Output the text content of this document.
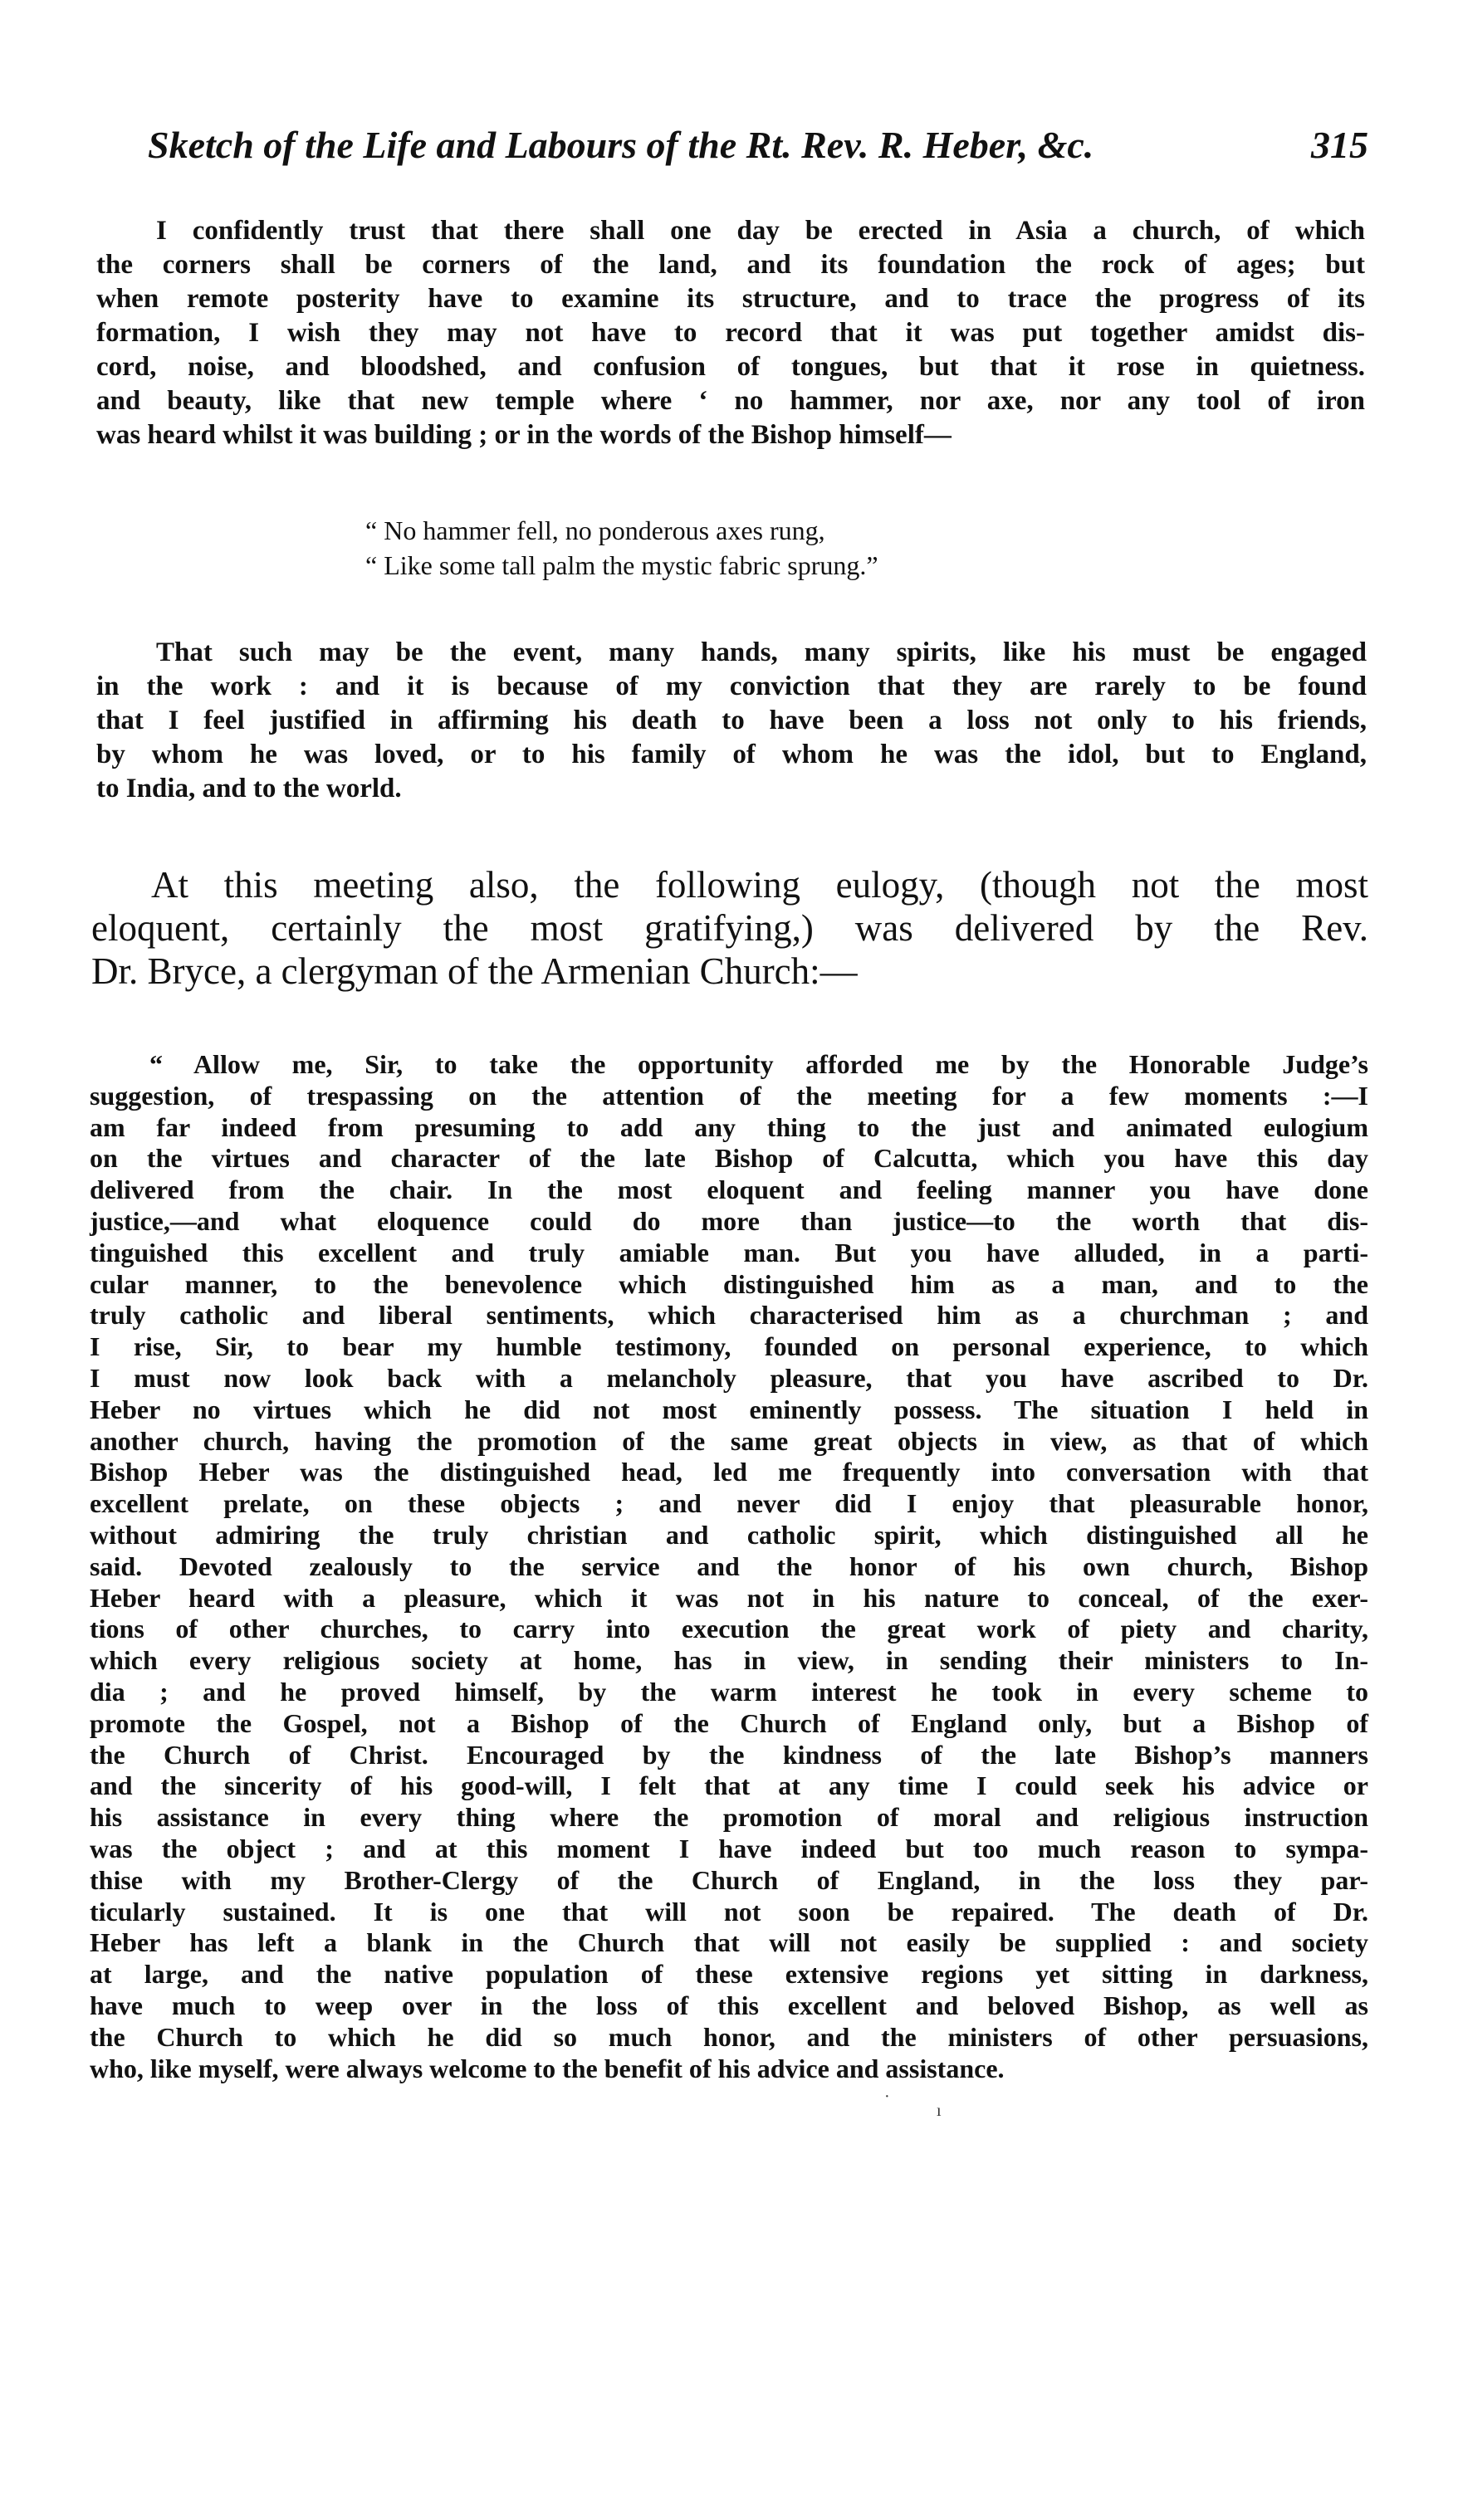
Sketch of the Life and Labours of the Rt. Rev. R. Heber, &c.	315
I confidently trust that there shall one day be erected in Asia a church, of which
the corners shall be corners of the land, and its foundation the rock of ages; but
when remote posterity have to examine its structure, and to trace the progress of its
formation, I wish they may not have to record that it was put together amidst dis-
cord, noise, and bloodshed, and confusion of tongues, but that it rose in quietness.
and beauty, like that new temple where ‘ no hammer, nor axe, nor any tool of iron
was heard whilst it was building ; or in the words of the Bishop himself—
“ No hammer fell, no ponderous axes rung,
“ Like some tall palm the mystic fabric sprung.”
That such may be the event, many hands, many spirits, like his must be engaged
in the work : and it is because of my conviction that they are rarely to be found
that I feel justified in affirming his death to have been a loss not only to his friends,
by whom he was loved, or to his family of whom he was the idol, but to England,
to India, and to the world.
At this meeting also, the following eulogy, (though not the most
eloquent, certainly the most gratifying,) was delivered by the Rev.
Dr. Bryce, a clergyman of the Armenian Church:—
“ Allow me, Sir, to take the opportunity afforded me by the Honorable Judge’s
suggestion, of trespassing on the attention of the meeting for a few moments :—I
am far indeed from presuming to add any thing to the just and animated eulogium
on the virtues and character of the late Bishop of Calcutta, which you have this day
delivered from the chair. In the most eloquent and feeling manner you have done
justice,—and what eloquence could do more than justice—to the worth that dis-
tinguished this excellent and truly amiable man. But you have alluded, in a parti-
cular manner, to the benevolence which distinguished him as a man, and to the
truly catholic and liberal sentiments, which characterised him as a churchman ; and
I rise, Sir, to bear my humble testimony, founded on personal experience, to which
I must now look back with a melancholy pleasure, that you have ascribed to Dr.
Heber no virtues which he did not most eminently possess. The situation I held in
another church, having the promotion of the same great objects in view, as that of which
Bishop Heber was the distinguished head, led me frequently into conversation with that
excellent prelate, on these objects ; and never did I enjoy that pleasurable honor,
without admiring the truly christian and catholic spirit, which distinguished all he
said. Devoted zealously to the service and the honor of his own church, Bishop
Heber heard with a pleasure, which it was not in his nature to conceal, of the exer-
tions of other churches, to carry into execution the great work of piety and charity,
which every religious society at home, has in view, in sending their ministers to In-
dia ; and he proved himself, by the warm interest he took in every scheme to
promote the Gospel, not a Bishop of the Church of England only, but a Bishop of
the Church of Christ. Encouraged by the kindness of the late Bishop’s manners
and the sincerity of his good-will, I felt that at any time I could seek his advice or
his assistance in every thing where the promotion of moral and religious instruction
was the object ; and at this moment I have indeed but too much reason to sympa-
thise with my Brother-Clergy of the Church of England, in the loss they par-
ticularly sustained. It is one that will not soon be repaired. The death of Dr.
Heber has left a blank in the Church that will not easily be supplied : and society
at large, and the native population of these extensive regions yet sitting in darkness,
have much to weep over in the loss of this excellent and beloved Bishop, as well as
the Church to which he did so much honor, and the ministers of other persuasions,
who, like myself, were always welcome to the benefit of his advice and assistance.
·
ı
